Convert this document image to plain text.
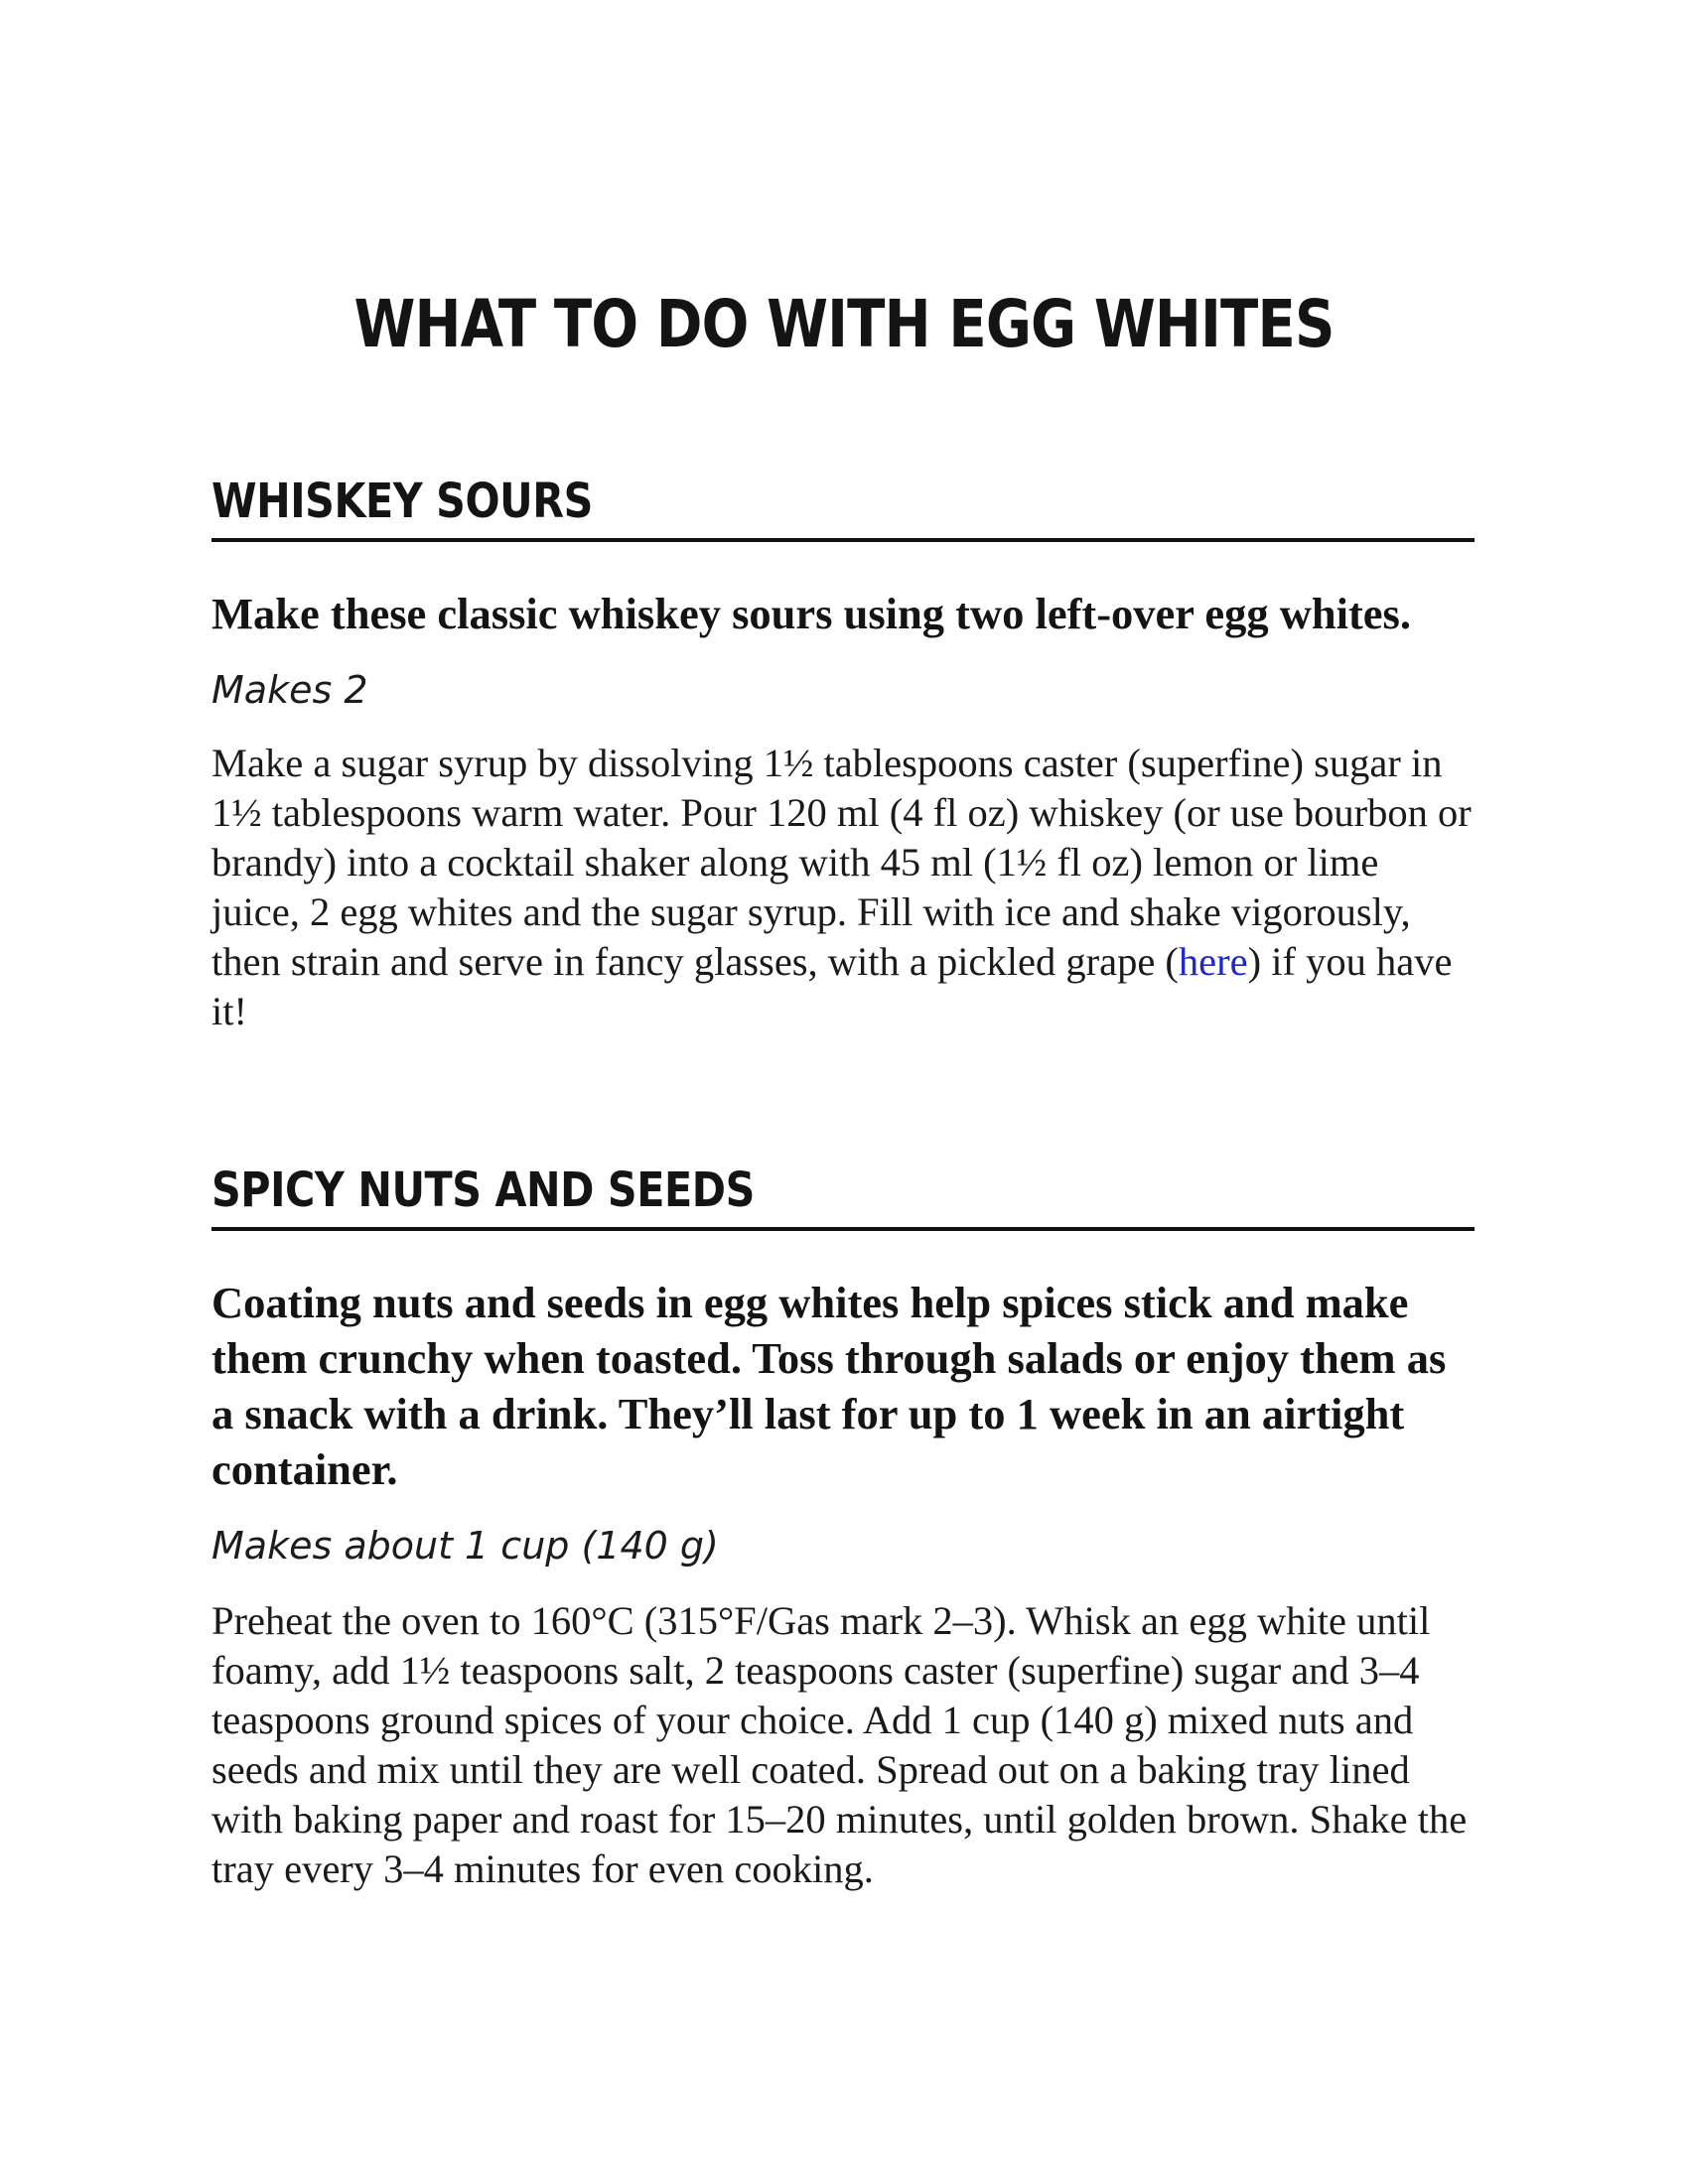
WHAT TO DO WITH EGG WHITES
WHISKEY SOURS

Make these classic whiskey sours using two left-over egg whites.

Makes 2

Make a sugar syrup by dissolving 1½ tablespoons caster (superfine) sugar in 1½ tablespoons warm water. Pour 120 ml (4 fl oz) whiskey (or use bourbon or brandy) into a cocktail shaker along with 45 ml (1½ fl oz) lemon or lime juice, 2 egg whites and the sugar syrup. Fill with ice and shake vigorously, then strain and serve in fancy glasses, with a pickled grape (here) if you have it!

SPICY NUTS AND SEEDS

Coating nuts and seeds in egg whites help spices stick and make them crunchy when toasted. Toss through salads or enjoy them as a snack with a drink. They’ll last for up to 1 week in an airtight container.

Makes about 1 cup (140 g)

Preheat the oven to 160°C (315°F/Gas mark 2–3). Whisk an egg white until foamy, add 1½ teaspoons salt, 2 teaspoons caster (superfine) sugar and 3–4 teaspoons ground spices of your choice. Add 1 cup (140 g) mixed nuts and seeds and mix until they are well coated. Spread out on a baking tray lined with baking paper and roast for 15–20 minutes, until golden brown. Shake the tray every 3–4 minutes for even cooking.
